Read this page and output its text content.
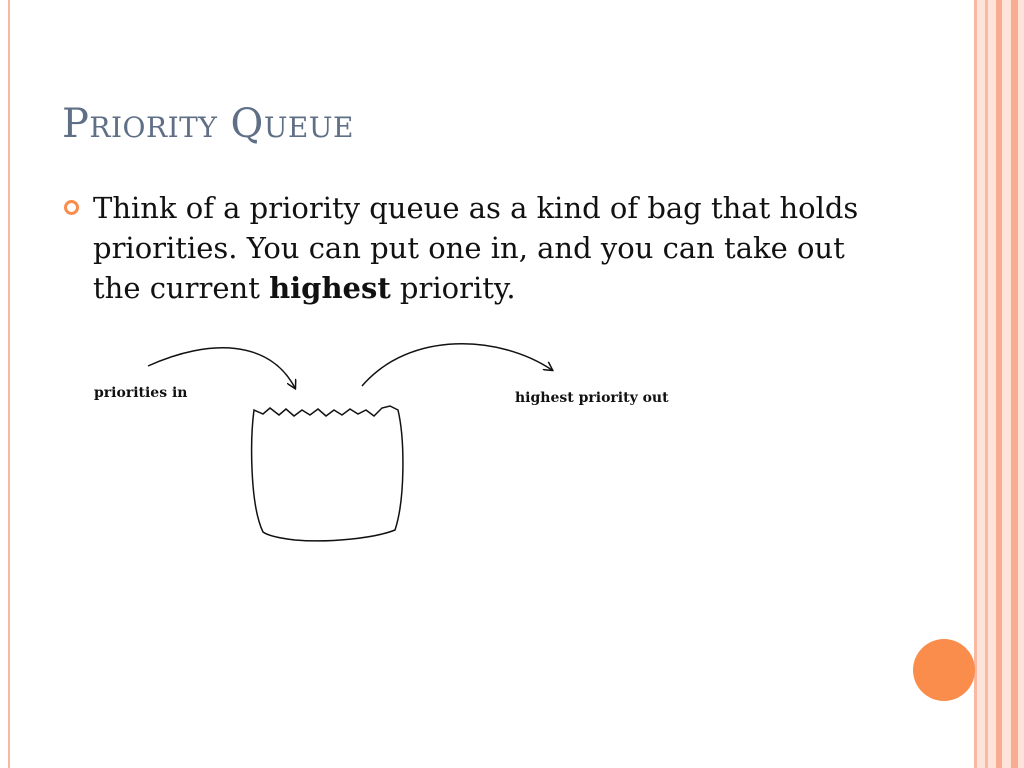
Priority Queue

Think of a priority queue as a kind of bag that holds priorities. You can put one in, and you can take out the current highest priority.

priorities in	highest priority out
